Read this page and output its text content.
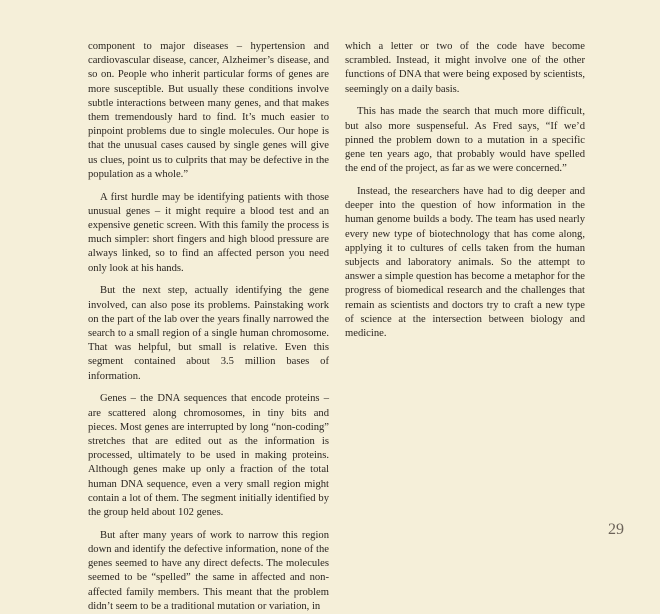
component to major diseases – hypertension and cardiovascular disease, cancer, Alzheimer’s disease, and so on. People who inherit particular forms of genes are more susceptible. But usually these conditions involve subtle interactions between many genes, and that makes them tremendously hard to find. It’s much easier to pinpoint problems due to single molecules. Our hope is that the unusual cases caused by single genes will give us clues, point us to culprits that may be defective in the population as a whole.”

A first hurdle may be identifying patients with those unusual genes – it might require a blood test and an expensive genetic screen. With this family the process is much simpler: short fingers and high blood pressure are always linked, so to find an affected person you need only look at his hands.

But the next step, actually identifying the gene involved, can also pose its problems. Painstaking work on the part of the lab over the years finally narrowed the search to a small region of a single human chromosome. That was helpful, but small is relative. Even this segment contained about 3.5 million bases of information.

Genes – the DNA sequences that encode proteins – are scattered along chromosomes, in tiny bits and pieces. Most genes are interrupted by long “non-coding” stretches that are edited out as the information is processed, ultimately to be used in making proteins. Although genes make up only a fraction of the total human DNA sequence, even a very small region might contain a lot of them. The segment initially identified by the group held about 102 genes.

But after many years of work to narrow this region down and identify the defective information, none of the genes seemed to have any direct defects. The molecules seemed to be “spelled” the same in affected and non-affected family members. This meant that the problem didn’t seem to be a traditional mutation or variation, in

which a letter or two of the code have become scrambled. Instead, it might involve one of the other functions of DNA that were being exposed by scientists, seemingly on a daily basis.

This has made the search that much more difficult, but also more suspenseful. As Fred says, “If we’d pinned the problem down to a mutation in a specific gene ten years ago, that probably would have spelled the end of the project, as far as we were concerned.”

Instead, the researchers have had to dig deeper and deeper into the question of how information in the human genome builds a body. The team has used nearly every new type of biotechnology that has come along, applying it to cultures of cells taken from the human subjects and laboratory animals. So the attempt to answer a simple question has become a metaphor for the progress of biomedical research and the challenges that remain as scientists and doctors try to craft a new type of science at the intersection between biology and medicine.

29
